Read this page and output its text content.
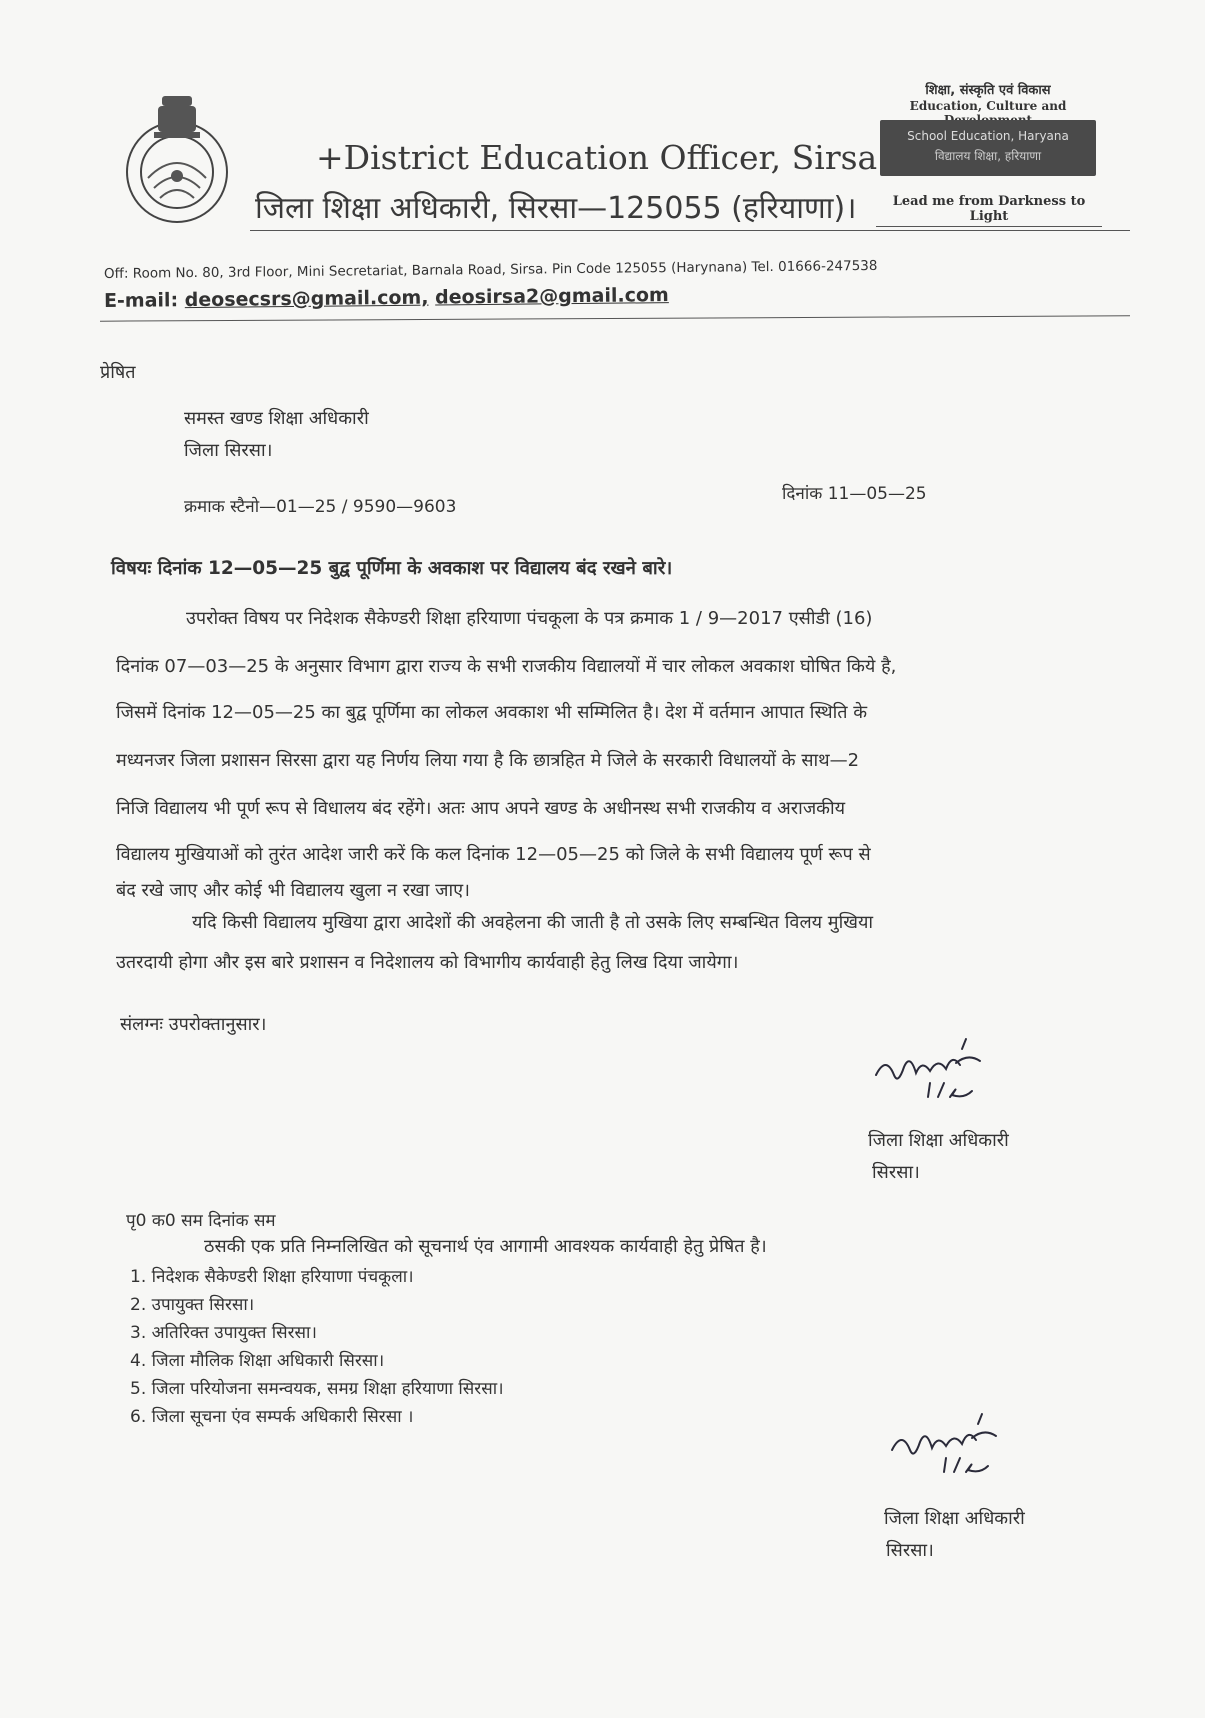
+District Education Officer, Sirsa
जिला शिक्षा अधिकारी, सिरसा—125055 (हरियाणा)।
शिक्षा, संस्कृति एवं विकास
Education, Culture and
School Education, Haryana
विद्यालय शिक्षा, हरियाणा
Lead me from Darkness to Light
Off: Room No. 80, 3rd Floor, Mini Secretariat, Barnala Road, Sirsa. Pin Code 125055 (Harynana) Tel. 01666-247538
E-mail: deosecsrs@gmail.com, deosirsa2@gmail.com
प्रेषित
समस्त खण्ड शिक्षा अधिकारी
जिला सिरसा।
क्रमाक स्टैनो—01—25 / 9590—9603
दिनांक 11—05—25
विषयः दिनांक 12—05—25 बुद्व पूर्णिमा के अवकाश पर विद्यालय बंद रखने बारे।
उपरोक्त विषय पर निदेशक सैकेण्डरी शिक्षा हरियाणा पंचकूला के पत्र क्रमाक 1 / 9—2017 एसीडी (16)
दिनांक 07—03—25 के अनुसार विभाग द्वारा राज्य के सभी राजकीय विद्यालयों में चार लोकल अवकाश घोषित किये है,
जिसमें दिनांक 12—05—25 का बुद्व पूर्णिमा का लोकल अवकाश भी सम्मिलित है। देश में वर्तमान आपात स्थिति के
मध्यनजर जिला प्रशासन सिरसा द्वारा यह निर्णय लिया गया है कि छात्रहित मे जिले के सरकारी विधालयों के साथ—2
निजि विद्यालय भी पूर्ण रूप से विधालय बंद रहेंगे। अतः आप अपने खण्ड के अधीनस्थ सभी राजकीय व अराजकीय
विद्यालय मुखियाओं को तुरंत आदेश जारी करें कि कल दिनांक 12—05—25 को जिले के सभी विद्यालय पूर्ण रूप से
बंद रखे जाए और कोई भी विद्यालय खुला न रखा जाए।
यदि किसी विद्यालय मुखिया द्वारा आदेशों की अवहेलना की जाती है तो उसके लिए सम्बन्धित विलय मुखिया
उतरदायी होगा और इस बारे प्रशासन व निदेशालय को विभागीय कार्यवाही हेतु लिख दिया जायेगा।
संलग्नः उपरोक्तानुसार।
जिला शिक्षा अधिकारी
सिरसा।
पृ0 क0 सम दिनांक सम
ठसकी एक प्रति निम्नलिखित को सूचनार्थ एंव आगामी आवश्यक कार्यवाही हेतु प्रेषित है।
1. निदेशक सैकेण्डरी शिक्षा हरियाणा पंचकूला।
2. उपायुक्त सिरसा।
3. अतिरिक्त उपायुक्त सिरसा।
4. जिला मौलिक शिक्षा अधिकारी सिरसा।
5. जिला परियोजना समन्वयक, समग्र शिक्षा हरियाणा सिरसा।
6. जिला सूचना एंव सम्पर्क अधिकारी सिरसा ।
जिला शिक्षा अधिकारी
सिरसा।
